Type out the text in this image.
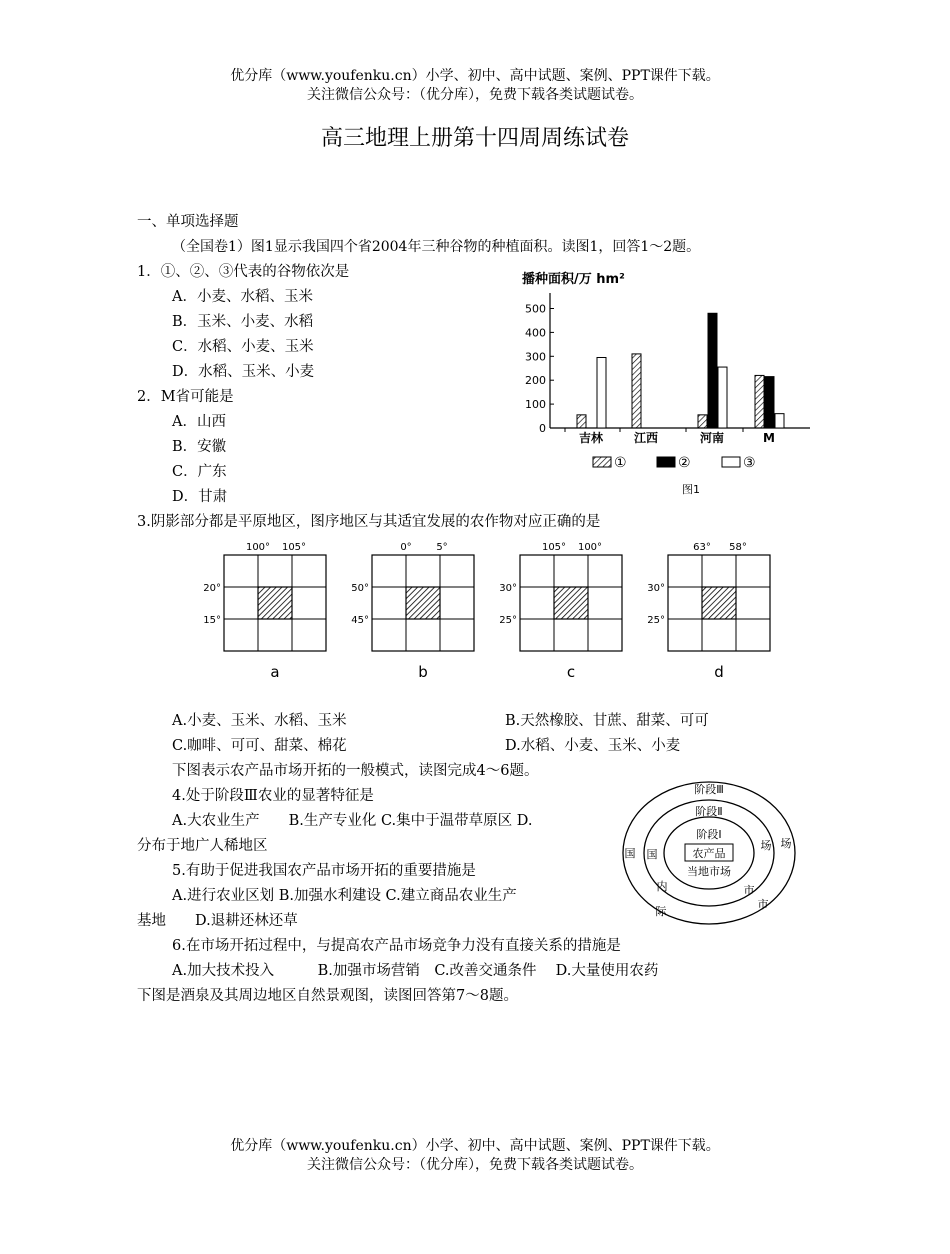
优分库（www.youfenku.cn）小学、初中、高中试题、案例、PPT课件下载。
关注微信公众号：（优分库），免费下载各类试题试卷。
高三地理上册第十四周周练试卷
一、单项选择题
（全国卷1）图1显示我国四个省2004年三种谷物的种植面积。读图1，回答1～2题。
1．①、②、③代表的谷物依次是
A．小麦、水稻、玉米
B．玉米、小麦、水稻
C．水稻、小麦、玉米
D．水稻、玉米、小麦
2．M省可能是
A．山西
B．安徽
C．广东
D．甘肃
播种面积/万 hm²
0
100
200
300
400
500
吉林	江西	河南	M
①	②	③
图1
3.阴影部分都是平原地区，图序地区与其适宜发展的农作物对应正确的是
100° 105°
20°
15°
a
0° 5°
50°
45°
b
105° 100°
30°
25°
c
63° 58°
30°
25°
d
A.小麦、玉米、水稻、玉米	B.天然橡胶、甘蔗、甜菜、可可
C.咖啡、可可、甜菜、棉花	D.水稻、小麦、玉米、小麦
下图表示农产品市场开拓的一般模式，读图完成4～6题。
4.处于阶段Ⅲ农业的显著特征是
A.大农业生产　　B.生产专业化 C.集中于温带草原区 D.
分布于地广人稀地区
5.有助于促进我国农产品市场开拓的重要措施是
A.进行农业区划 B.加强水利建设 C.建立商品农业生产
基地　　D.退耕还林还草
6.在市场开拓过程中，与提高农产品市场竞争力没有直接关系的措施是
A.加大技术投入　　　B.加强市场营销　C.改善交通条件　 D.大量使用农药
下图是酒泉及其周边地区自然景观图，读图回答第7～8题。
阶段Ⅲ
阶段Ⅱ
阶段Ⅰ
农产品
当地市场
国 国
场 场
内	市
际
市
优分库（www.youfenku.cn）小学、初中、高中试题、案例、PPT课件下载。
关注微信公众号：（优分库），免费下载各类试题试卷。
